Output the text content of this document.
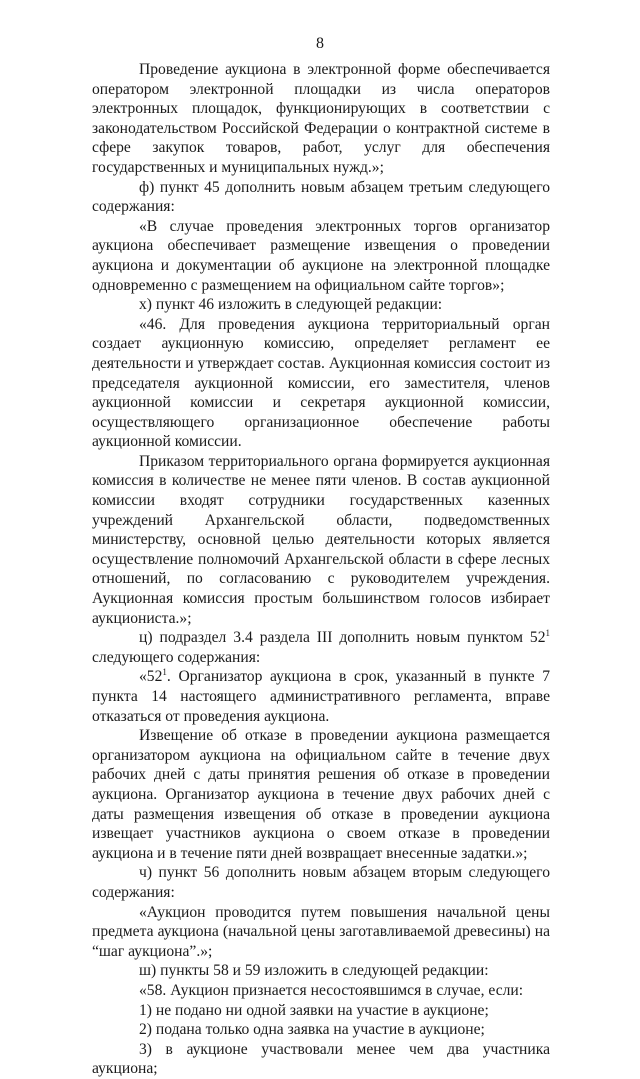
8

Проведение аукциона в электронной форме обеспечивается оператором электронной площадки из числа операторов электронных площадок, функционирующих в соответствии с законодательством Российской Федерации о контрактной системе в сфере закупок товаров, работ, услуг для обеспечения государственных и муниципальных нужд.»;

ф) пункт 45 дополнить новым абзацем третьим следующего содержания:

«В случае проведения электронных торгов организатор аукциона обеспечивает размещение извещения о проведении аукциона и документации об аукционе на электронной площадке одновременно с размещением на официальном сайте торгов»;

х) пункт 46 изложить в следующей редакции:

«46. Для проведения аукциона территориальный орган создает аукционную комиссию, определяет регламент ее деятельности и утверждает состав. Аукционная комиссия состоит из председателя аукционной комиссии, его заместителя, членов аукционной комиссии и секретаря аукционной комиссии, осуществляющего организационное обеспечение работы аукционной комиссии.

Приказом территориального органа формируется аукционная комиссия в количестве не менее пяти членов. В состав аукционной комиссии входят сотрудники государственных казенных учреждений Архангельской области, подведомственных министерству, основной целью деятельности которых является осуществление полномочий Архангельской области в сфере лесных отношений, по согласованию с руководителем учреждения. Аукционная комиссия простым большинством голосов избирает аукциониста.»;

ц) подраздел 3.4 раздела III дополнить новым пунктом $52^1$ следующего содержания:

«$52^1$. Организатор аукциона в срок, указанный в пункте 7 пункта 14 настоящего административного регламента, вправе отказаться от проведения аукциона.

Извещение об отказе в проведении аукциона размещается организатором аукциона на официальном сайте в течение двух рабочих дней с даты принятия решения об отказе в проведении аукциона. Организатор аукциона в течение двух рабочих дней с даты размещения извещения об отказе в проведении аукциона извещает участников аукциона о своем отказе в проведении аукциона и в течение пяти дней возвращает внесенные задатки.»;

ч) пункт 56 дополнить новым абзацем вторым следующего содержания:

«Аукцион проводится путем повышения начальной цены предмета аукциона (начальной цены заготавливаемой древесины) на “шаг аукциона”.»;

ш) пункты 58 и 59 изложить в следующей редакции:

«58. Аукцион признается несостоявшимся в случае, если:

1) не подано ни одной заявки на участие в аукционе;

2) подана только одна заявка на участие в аукционе;

3) в аукционе участвовали менее чем два участника аукциона;
